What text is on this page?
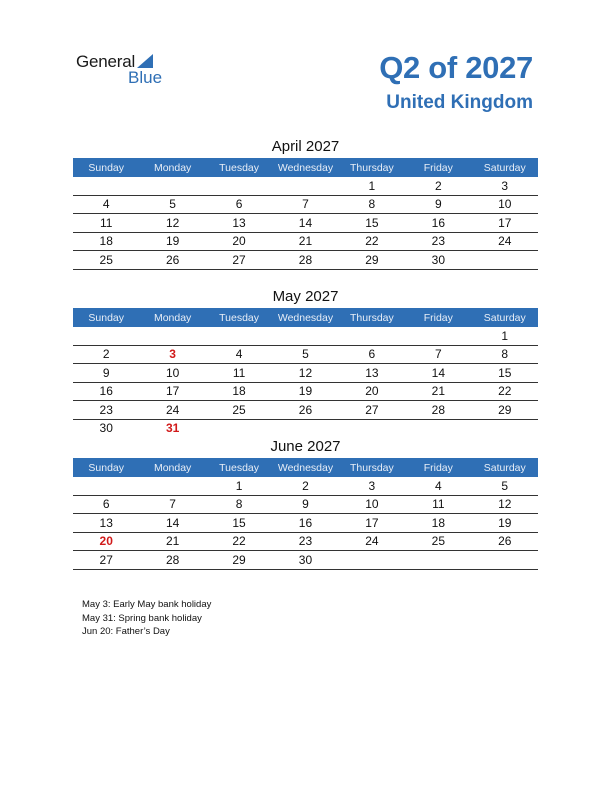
General
Blue	Q2 of 2027
United Kingdom
April 2027
Sunday	Monday	Tuesday	Wednesday	Thursday	Friday	Saturday
				1	2	3
4	5	6	7	8	9	10
11	12	13	14	15	16	17
18	19	20	21	22	23	24
25	26	27	28	29	30	
May 2027
Sunday	Monday	Tuesday	Wednesday	Thursday	Friday	Saturday
						1
2	3	4	5	6	7	8
9	10	11	12	13	14	15
16	17	18	19	20	21	22
23	24	25	26	27	28	29
30	31					
June 2027
Sunday	Monday	Tuesday	Wednesday	Thursday	Friday	Saturday
		1	2	3	4	5
6	7	8	9	10	11	12
13	14	15	16	17	18	19
20	21	22	23	24	25	26
27	28	29	30			
May 3: Early May bank holiday
May 31: Spring bank holiday
Jun 20: Father’s Day
